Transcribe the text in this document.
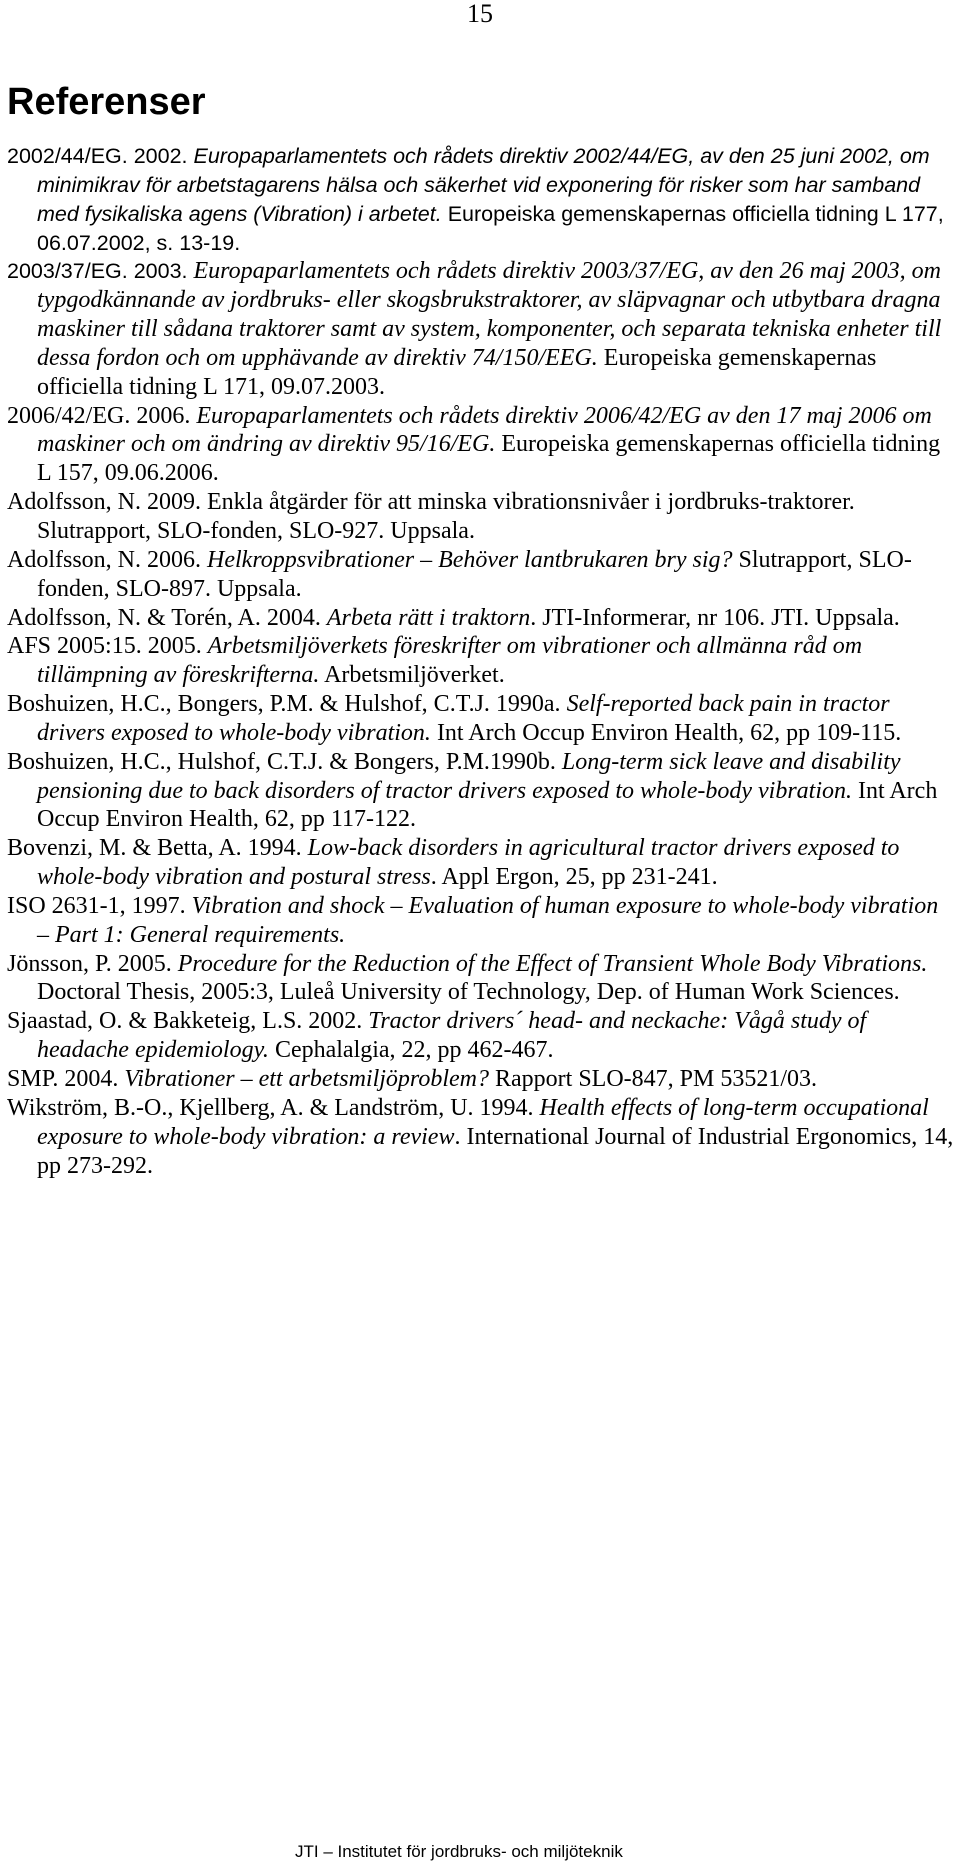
15
Referenser
2002/44/EG. 2002. Europaparlamentets och rådets direktiv 2002/44/EG, av den 25 juni 2002, om minimikrav för arbetstagarens hälsa och säkerhet vid exponering för risker som har samband med fysikaliska agens (Vibration) i arbetet. Europeiska gemenskapernas officiella tidning L 177, 06.07.2002, s. 13-19.
2003/37/EG. 2003. Europaparlamentets och rådets direktiv 2003/37/EG, av den 26 maj 2003, om typgodkännande av jordbruks- eller skogsbrukstraktorer, av släpvagnar och utbytbara dragna maskiner till sådana traktorer samt av system, komponenter, och separata tekniska enheter till dessa fordon och om upphävande av direktiv 74/150/EEG. Europeiska gemenskapernas officiella tidning L 171, 09.07.2003.
2006/42/EG. 2006. Europaparlamentets och rådets direktiv 2006/42/EG av den 17 maj 2006 om maskiner och om ändring av direktiv 95/16/EG. Europeiska gemenskapernas officiella tidning L 157, 09.06.2006.
Adolfsson, N. 2009. Enkla åtgärder för att minska vibrationsnivåer i jordbruks-traktorer. Slutrapport, SLO-fonden, SLO-927. Uppsala.
Adolfsson, N. 2006. Helkroppsvibrationer – Behöver lantbrukaren bry sig? Slutrapport, SLO-fonden, SLO-897. Uppsala.
Adolfsson, N. & Torén, A. 2004. Arbeta rätt i traktorn. JTI-Informerar, nr 106. JTI. Uppsala.
AFS 2005:15. 2005. Arbetsmiljöverkets föreskrifter om vibrationer och allmänna råd om tillämpning av föreskrifterna. Arbetsmiljöverket.
Boshuizen, H.C., Bongers, P.M. & Hulshof, C.T.J. 1990a. Self-reported back pain in tractor drivers exposed to whole-body vibration. Int Arch Occup Environ Health, 62, pp 109-115.
Boshuizen, H.C., Hulshof, C.T.J. & Bongers, P.M.1990b. Long-term sick leave and disability pensioning due to back disorders of tractor drivers exposed to whole-body vibration. Int Arch Occup Environ Health, 62, pp 117-122.
Bovenzi, M. & Betta, A. 1994. Low-back disorders in agricultural tractor drivers exposed to whole-body vibration and postural stress. Appl Ergon, 25, pp 231-241.
ISO 2631-1, 1997. Vibration and shock – Evaluation of human exposure to whole-body vibration – Part 1: General requirements.
Jönsson, P. 2005. Procedure for the Reduction of the Effect of Transient Whole Body Vibrations. Doctoral Thesis, 2005:3, Luleå University of Technology, Dep. of Human Work Sciences.
Sjaastad, O. & Bakketeig, L.S. 2002. Tractor drivers´ head- and neckache: Vågå study of headache epidemiology. Cephalalgia, 22, pp 462-467.
SMP. 2004. Vibrationer – ett arbetsmiljöproblem? Rapport SLO-847, PM 53521/03.
Wikström, B.-O., Kjellberg, A. & Landström, U. 1994. Health effects of long-term occupational exposure to whole-body vibration: a review. International Journal of Industrial Ergonomics, 14, pp 273-292.
JTI – Institutet för jordbruks- och miljöteknik
